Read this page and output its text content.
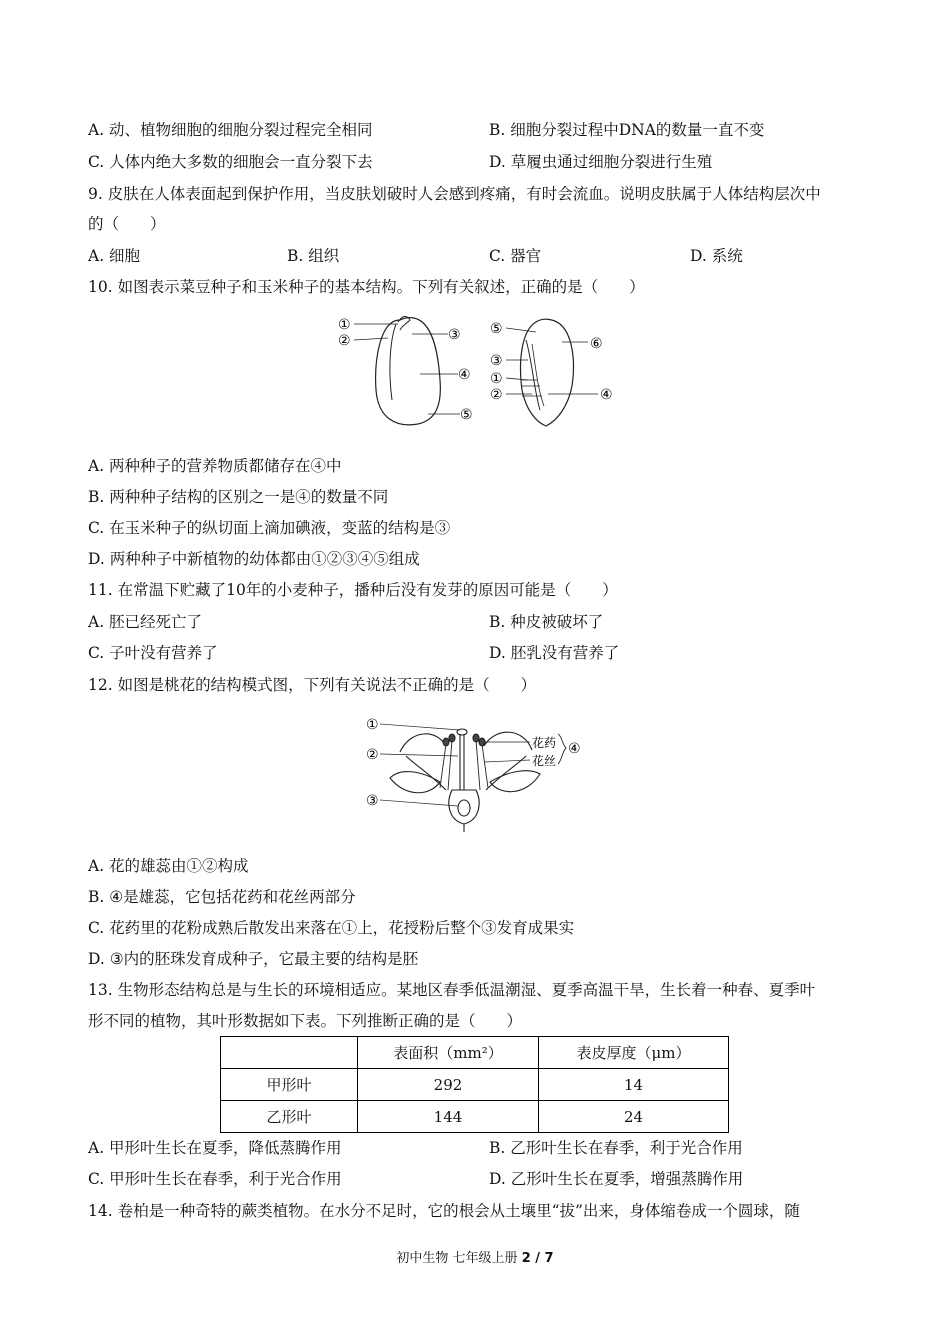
A. 动、植物细胞的细胞分裂过程完全相同	B. 细胞分裂过程中DNA的数量一直不变
C. 人体内绝大多数的细胞会一直分裂下去	D. 草履虫通过细胞分裂进行生殖
9. 皮肤在人体表面起到保护作用，当皮肤划破时人会感到疼痛，有时会流血。说明皮肤属于人体结构层次中
的（　　）
A. 细胞	B. 组织	C. 器官	D. 系统
10. 如图表示菜豆种子和玉米种子的基本结构。下列有关叙述，正确的是（　　）
①
②	③
④
⑤
⑤
⑥
③
①
②	④
A. 两种种子的营养物质都储存在④中
B. 两种种子结构的区别之一是④的数量不同
C. 在玉米种子的纵切面上滴加碘液，变蓝的结构是③
D. 两种种子中新植物的幼体都由①②③④⑤组成
11. 在常温下贮藏了10年的小麦种子，播种后没有发芽的原因可能是（　　）
A. 胚已经死亡了	B. 种皮被破坏了
C. 子叶没有营养了	D. 胚乳没有营养了
12. 如图是桃花的结构模式图，下列有关说法不正确的是（　　）
①
②
③
花药
花丝
④
A. 花的雄蕊由①②构成
B. ④是雄蕊，它包括花药和花丝两部分
C. 花药里的花粉成熟后散发出来落在①上，花授粉后整个③发育成果实
D. ③内的胚珠发育成种子，它最主要的结构是胚
13. 生物形态结构总是与生长的环境相适应。某地区春季低温潮湿、夏季高温干旱，生长着一种春、夏季叶
形不同的植物，其叶形数据如下表。下列推断正确的是（　　）
	表面积（mm²）	表皮厚度（μm）
甲形叶	292	14
乙形叶	144	24
A. 甲形叶生长在夏季，降低蒸腾作用	B. 乙形叶生长在春季，利于光合作用
C. 甲形叶生长在春季，利于光合作用	D. 乙形叶生长在夏季，增强蒸腾作用
14. 卷柏是一种奇特的蕨类植物。在水分不足时，它的根会从土壤里“拔”出来，身体缩卷成一个圆球，随
初中生物 七年级上册 2 / 7
